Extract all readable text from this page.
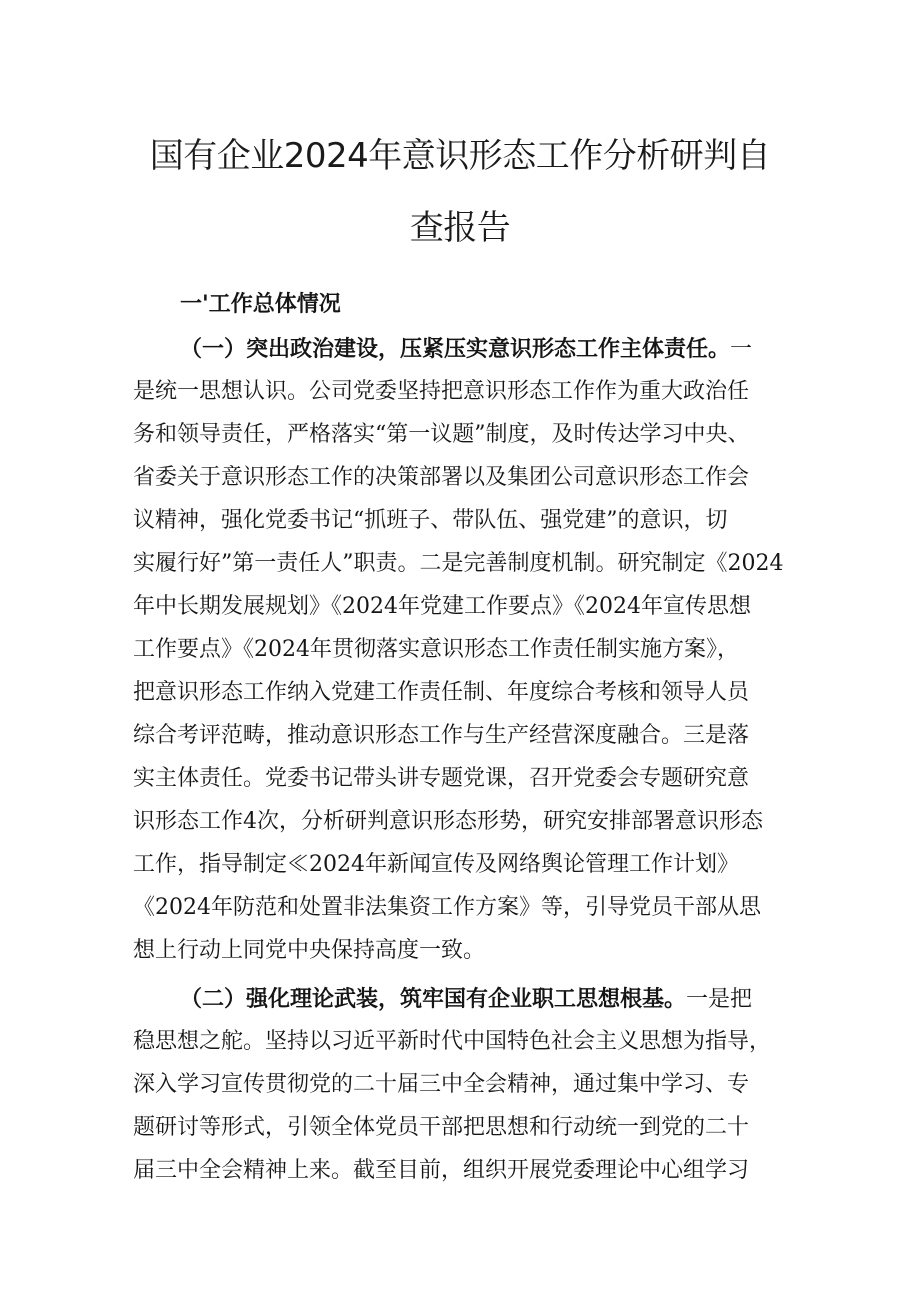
国有企业2024年意识形态工作分析研判自
查报告
一'工作总体情况
（一）突出政治建设，压紧压实意识形态工作主体责任。一
是统一思想认识。公司党委坚持把意识形态工作作为重大政治任
务和领导责任，严格落实“第一议题”制度，及时传达学习中央、
省委关于意识形态工作的决策部署以及集团公司意识形态工作会
议精神，强化党委书记“抓班子、带队伍、强党建”的意识，切
实履行好”第一责任人”职责。二是完善制度机制。研究制定《2024
年中长期发展规划》《2024年党建工作要点》《2024年宣传思想
工作要点》《2024年贯彻落实意识形态工作责任制实施方案》，
把意识形态工作纳入党建工作责任制、年度综合考核和领导人员
综合考评范畴，推动意识形态工作与生产经营深度融合。三是落
实主体责任。党委书记带头讲专题党课，召开党委会专题研究意
识形态工作4次，分析研判意识形态形势，研究安排部署意识形态
工作，指导制定≪2024年新闻宣传及网络舆论管理工作计划》
《2024年防范和处置非法集资工作方案》等，引导党员干部从思
想上行动上同党中央保持高度一致。
（二）强化理论武装，筑牢国有企业职工思想根基。一是把
稳思想之舵。坚持以习近平新时代中国特色社会主义思想为指导，
深入学习宣传贯彻党的二十届三中全会精神，通过集中学习、专
题研讨等形式，引领全体党员干部把思想和行动统一到党的二十
届三中全会精神上来。截至目前，组织开展党委理论中心组学习
